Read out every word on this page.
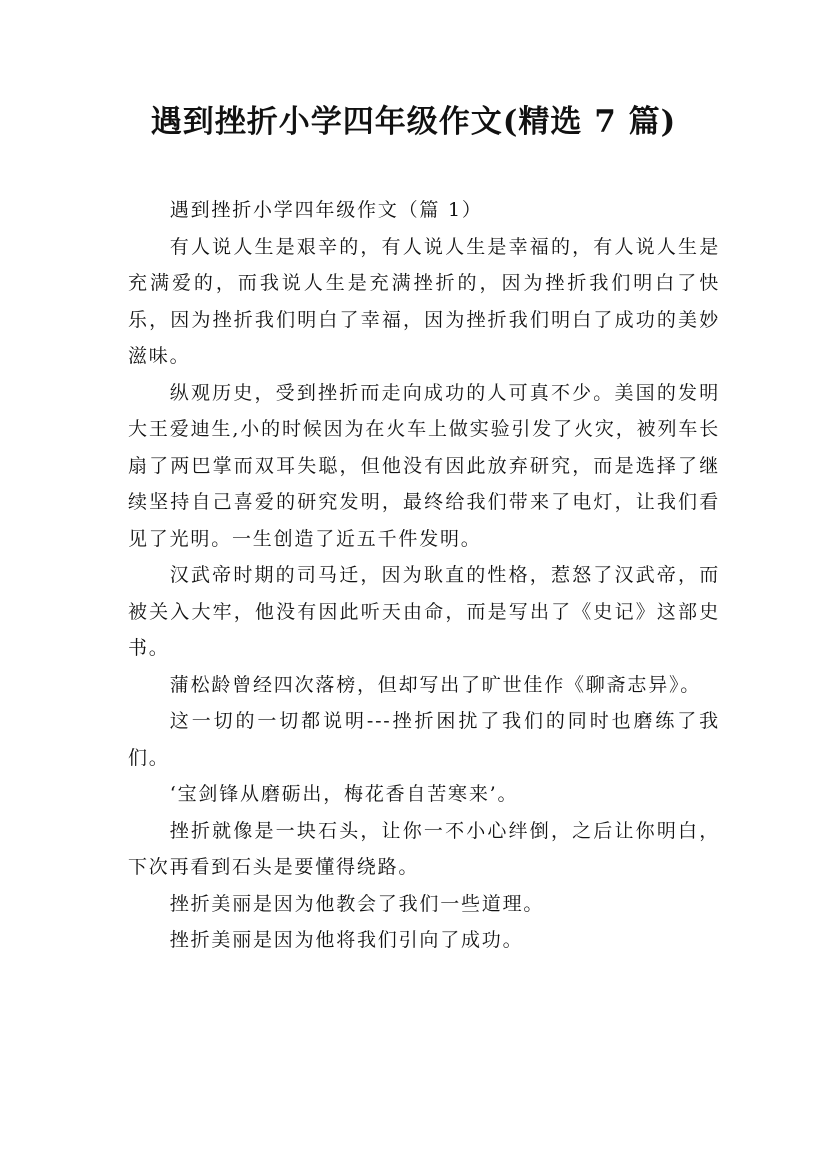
遇到挫折小学四年级作文(精选 7 篇)

遇到挫折小学四年级作文（篇 1）

有人说人生是艰辛的，有人说人生是幸福的，有人说人生是充满爱的，而我说人生是充满挫折的，因为挫折我们明白了快乐，因为挫折我们明白了幸福，因为挫折我们明白了成功的美妙滋味。

纵观历史，受到挫折而走向成功的人可真不少。美国的发明大王爱迪生,小的时候因为在火车上做实验引发了火灾，被列车长扇了两巴掌而双耳失聪，但他没有因此放弃研究，而是选择了继续坚持自己喜爱的研究发明，最终给我们带来了电灯，让我们看见了光明。一生创造了近五千件发明。

汉武帝时期的司马迁，因为耿直的性格，惹怒了汉武帝，而被关入大牢，他没有因此听天由命，而是写出了《史记》这部史书。

蒲松龄曾经四次落榜，但却写出了旷世佳作《聊斋志异》。

这一切的一切都说明---挫折困扰了我们的同时也磨练了我们。

‘宝剑锋从磨砺出，梅花香自苦寒来’。

挫折就像是一块石头，让你一不小心绊倒，之后让你明白，下次再看到石头是要懂得绕路。

挫折美丽是因为他教会了我们一些道理。

挫折美丽是因为他将我们引向了成功。
